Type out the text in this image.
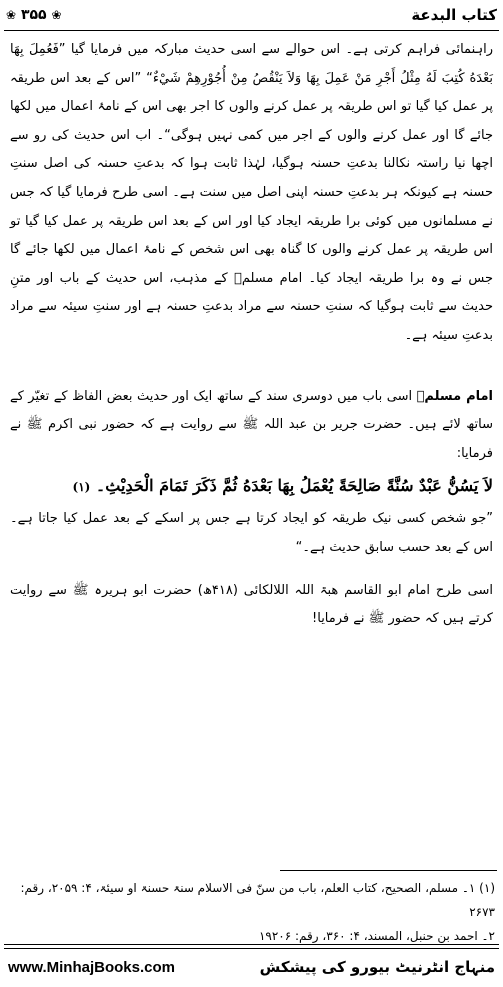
❀ ۳۵۵ ❀	کتاب البدعة

راہنمائی فراہم کرتی ہے۔ اس حوالے سے اسی حدیث مبارکہ میں فرمایا گیا ”فَعُمِلَ بِهَا بَعْدَهُ كُتِبَ لَهُ مِثْلُ أَجْرِ مَنْ عَمِلَ بِهَا وَلاَ يَنْقُصُ مِنْ أُجُوْرِهِمْ شَيْءٌ“ ”اس کے بعد اس طریقہ پر عمل کیا گیا تو اس طریقہ پر عمل کرنے والوں کا اجر بھی اس کے نامۂ اعمال میں لکھا جائے گا اور عمل کرنے والوں کے اجر میں کمی نہیں ہوگی“۔ اب اس حدیث کی رو سے اچھا نیا راستہ نکالنا بدعتِ حسنہ ہوگیا، لہٰذا ثابت ہوا کہ بدعتِ حسنہ کی اصل سنتِ حسنہ ہے کیونکہ ہر بدعتِ حسنہ اپنی اصل میں سنت ہے۔ اسی طرح فرمایا گیا کہ جس نے مسلمانوں میں کوئی برا طریقہ ایجاد کیا اور اس کے بعد اس طریقہ پر عمل کیا گیا تو اس طریقہ پر عمل کرنے والوں کا گناہ بھی اس شخص کے نامۂ اعمال میں لکھا جائے گا جس نے وہ برا طریقہ ایجاد کیا۔ امام مسلمؒ کے مذہب، اس حدیث کے باب اور متنِ حدیث سے ثابت ہوگیا کہ سنتِ حسنہ سے مراد بدعتِ حسنہ ہے اور سنتِ سیئہ سے مراد بدعتِ سیئہ ہے۔

امام مسلمؒ اسی باب میں دوسری سند کے ساتھ ایک اور حدیث بعض الفاظ کے تغیّر کے ساتھ لائے ہیں۔ حضرت جریر بن عبد اللہ ﷺ سے روایت ہے کہ حضور نبی اکرم ﷺ نے فرمایا:

لاَ يَسُنُّ عَبْدٌ سُنَّةً صَالِحَةً يُعْمَلُ بِهَا بَعْدَهُ ثُمَّ ذَكَرَ تَمَامَ الْحَدِيْثِ۔ (۱)

”جو شخص کسی نیک طریقہ کو ایجاد کرتا ہے جس پر اسکے کے بعد عمل کیا جاتا ہے۔ اس کے بعد حسب سابق حدیث ہے۔“

اسی طرح امام ابو القاسم ھبۃ اللہ اللالکائی (۴۱۸ھ) حضرت ابو ہریرہ ﷺ سے روایت کرتے ہیں کہ حضور ﷺ نے فرمایا!

(۱) ۱۔ مسلم، الصحیح، کتاب العلم، باب من سنّ فی الاسلام سنۃ حسنۃ او سیئۃ، ۴: ۲۰۵۹، رقم: ۲۶۷۳

۲۔ احمد بن حنبل، المسند، ۴: ۳۶۰، رقم: ۱۹۲۰۶

www.MinhajBooks.com	منہاج انٹرنیٹ بیورو کی پیشکش
